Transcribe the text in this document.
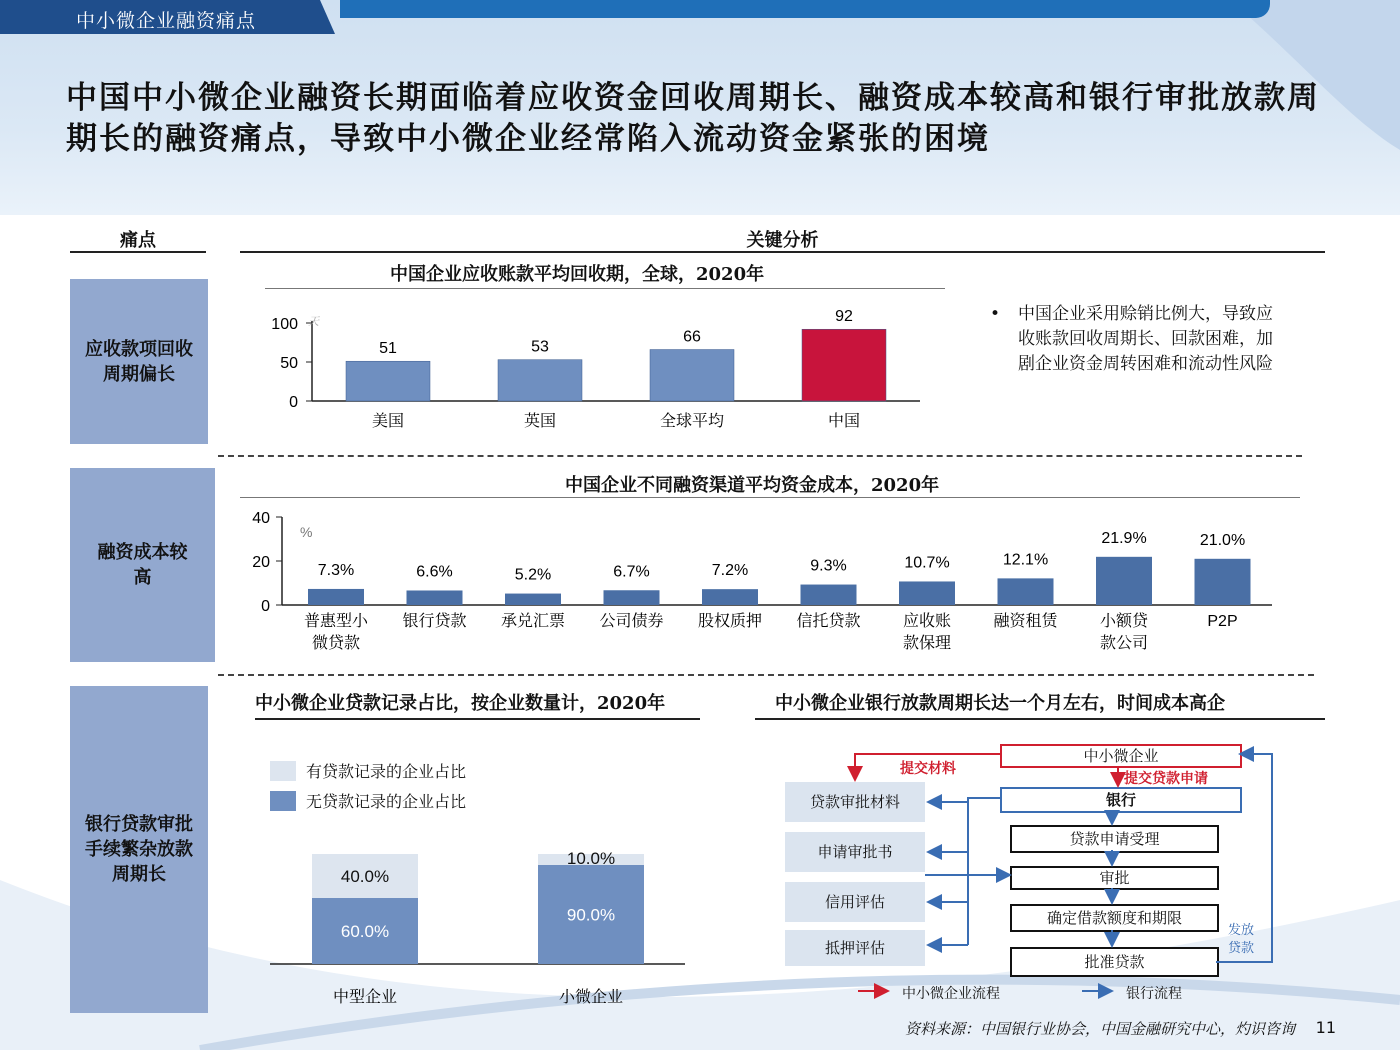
中小微企业融资痛点
中国中小微企业融资长期面临着应收资金回收周期长、融资成本较高和银行审批放款周期长的融资痛点，导致中小微企业经常陷入流动资金紧张的困境
痛点	关键分析
应收款项回收周期偏长
融资成本较高
银行贷款审批手续繁杂放款周期长
中国企业应收账款平均回收期，全球，2020年
100
50
0
天
51
美国
53
英国
66
全球平均
92
中国
• 中国企业采用赊销比例大，导致应收账款回收周期长、回款困难，加剧企业资金周转困难和流动性风险
中国企业不同融资渠道平均资金成本，2020年
40
20
0
%
7.3%
普惠型小
微贷款
6.6%
银行贷款
5.2%
承兑汇票
6.7%
公司债券
7.2%
股权质押
9.3%
信托贷款
10.7%
应收账
款保理
12.1%
融资租赁
21.9%
小额贷
款公司
21.0%
P2P
中小微企业贷款记录占比，按企业数量计，2020年
有贷款记录的企业占比
无贷款记录的企业占比
60.0%
40.0%
中型企业
90.0%
10.0%
小微企业
中小微企业银行放款周期长达一个月左右，时间成本高企
中小微企业
银行
贷款申请受理
审批
确定借款额度和期限
批准贷款
贷款审批材料
申请审批书
信用评估
抵押评估
提交材料
提交贷款申请
发放贷款
中小微企业流程	银行流程
资料来源：中国银行业协会，中国金融研究中心，灼识咨询 11
